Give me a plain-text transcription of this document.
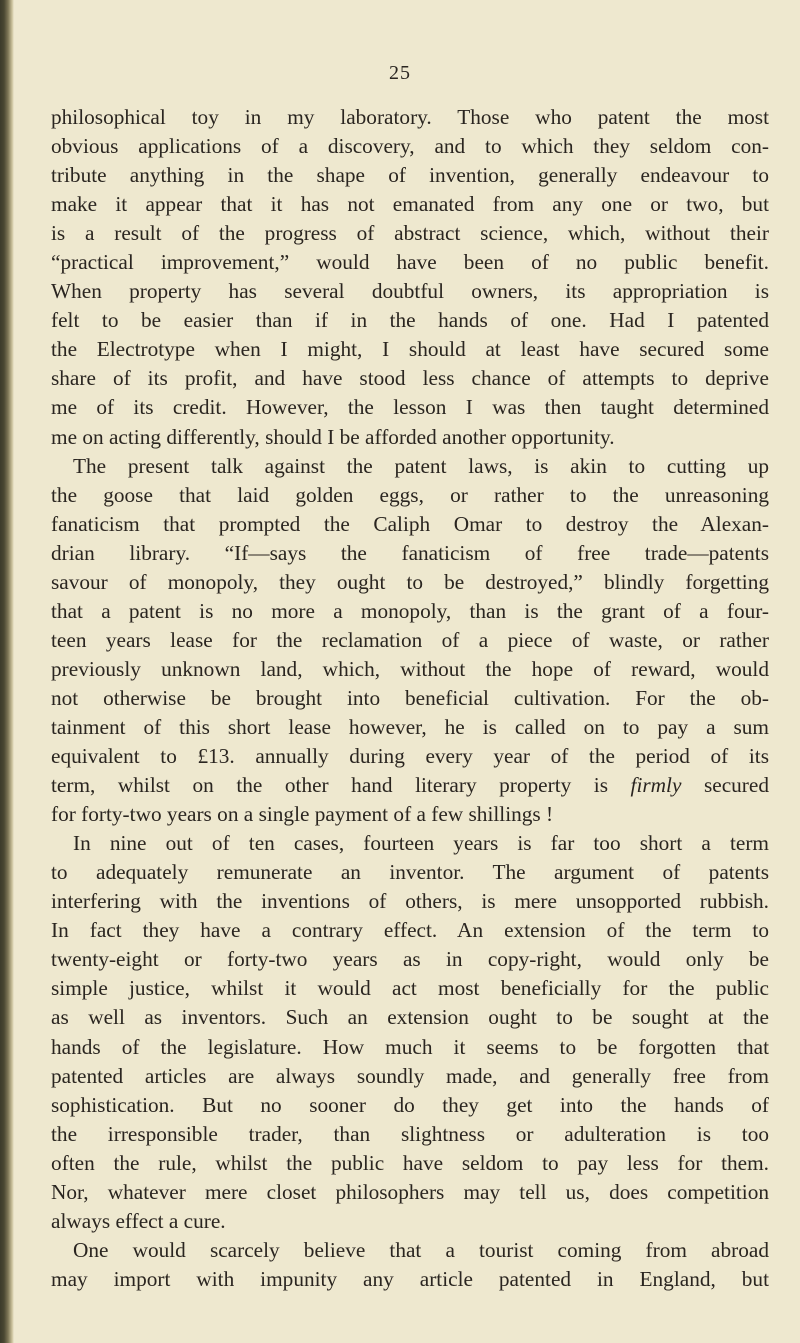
25
philosophical toy in my laboratory. Those who patent the most
obvious applications of a discovery, and to which they seldom con-
tribute anything in the shape of invention, generally endeavour to
make it appear that it has not emanated from any one or two, but
is a result of the progress of abstract science, which, without their
“practical improvement,” would have been of no public benefit.
When property has several doubtful owners, its appropriation is
felt to be easier than if in the hands of one. Had I patented
the Electrotype when I might, I should at least have secured some
share of its profit, and have stood less chance of attempts to deprive
me of its credit. However, the lesson I was then taught determined
me on acting differently, should I be afforded another opportunity.
The present talk against the patent laws, is akin to cutting up
the goose that laid golden eggs, or rather to the unreasoning
fanaticism that prompted the Caliph Omar to destroy the Alexan-
drian library. “If—says the fanaticism of free trade—patents
savour of monopoly, they ought to be destroyed,” blindly forgetting
that a patent is no more a monopoly, than is the grant of a four-
teen years lease for the reclamation of a piece of waste, or rather
previously unknown land, which, without the hope of reward, would
not otherwise be brought into beneficial cultivation. For the ob-
tainment of this short lease however, he is called on to pay a sum
equivalent to £13. annually during every year of the period of its
term, whilst on the other hand literary property is firmly secured
for forty-two years on a single payment of a few shillings !
In nine out of ten cases, fourteen years is far too short a term
to adequately remunerate an inventor. The argument of patents
interfering with the inventions of others, is mere unsopported rubbish.
In fact they have a contrary effect. An extension of the term to
twenty-eight or forty-two years as in copy-right, would only be
simple justice, whilst it would act most beneficially for the public
as well as inventors. Such an extension ought to be sought at the
hands of the legislature. How much it seems to be forgotten that
patented articles are always soundly made, and generally free from
sophistication. But no sooner do they get into the hands of
the irresponsible trader, than slightness or adulteration is too
often the rule, whilst the public have seldom to pay less for them.
Nor, whatever mere closet philosophers may tell us, does competition
always effect a cure.
One would scarcely believe that a tourist coming from abroad
may import with impunity any article patented in England, but
